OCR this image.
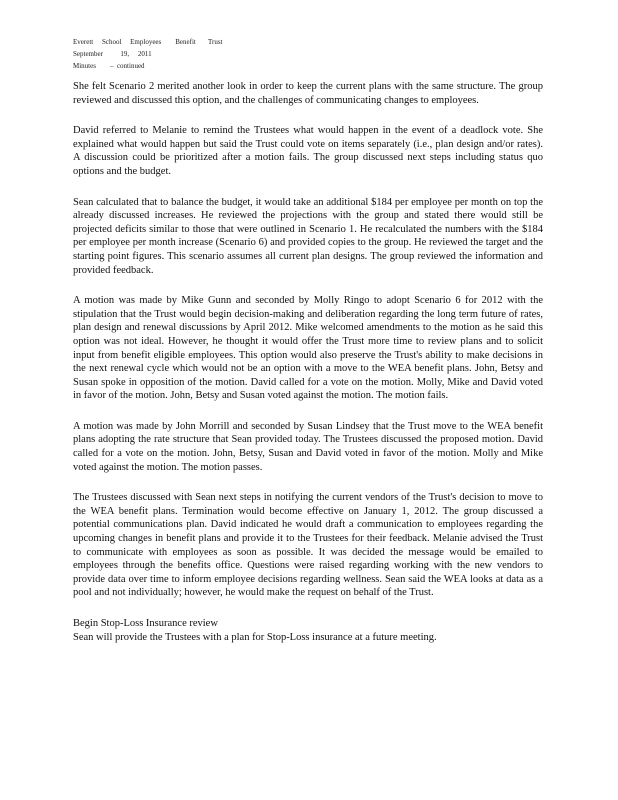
Everett     School     Employees        Benefit       Trust
September          19,     2011
Minutes        –  continued

She felt Scenario 2 merited another look in order to keep the current plans with the same structure. The group reviewed and discussed this option, and the challenges of communicating changes to employees.

David referred to Melanie to remind the Trustees what would happen in the event of a deadlock vote. She explained what would happen but said the Trust could vote on items separately (i.e., plan design and/or rates). A discussion could be prioritized after a motion fails. The group discussed next steps including status quo options and the budget.

Sean calculated that to balance the budget, it would take an additional $184 per employee per month on top the already discussed increases. He reviewed the projections with the group and stated there would still be projected deficits similar to those that were outlined in Scenario 1. He recalculated the numbers with the $184 per employee per month increase (Scenario 6) and provided copies to the group. He reviewed the target and the starting point figures. This scenario assumes all current plan designs. The group reviewed the information and provided feedback.

A motion was made by Mike Gunn and seconded by Molly Ringo to adopt Scenario 6 for 2012 with the stipulation that the Trust would begin decision-making and deliberation regarding the long term future of rates, plan design and renewal discussions by April 2012. Mike welcomed amendments to the motion as he said this option was not ideal. However, he thought it would offer the Trust more time to review plans and to solicit input from benefit eligible employees. This option would also preserve the Trust's ability to make decisions in the next renewal cycle which would not be an option with a move to the WEA benefit plans. John, Betsy and Susan spoke in opposition of the motion. David called for a vote on the motion. Molly, Mike and David voted in favor of the motion. John, Betsy and Susan voted against the motion. The motion fails.

A motion was made by John Morrill and seconded by Susan Lindsey that the Trust move to the WEA benefit plans adopting the rate structure that Sean provided today. The Trustees discussed the proposed motion. David called for a vote on the motion. John, Betsy, Susan and David voted in favor of the motion. Molly and Mike voted against the motion. The motion passes.

The Trustees discussed with Sean next steps in notifying the current vendors of the Trust's decision to move to the WEA benefit plans. Termination would become effective on January 1, 2012. The group discussed a potential communications plan. David indicated he would draft a communication to employees regarding the upcoming changes in benefit plans and provide it to the Trustees for their feedback. Melanie advised the Trust to communicate with employees as soon as possible. It was decided the message would be emailed to employees through the benefits office. Questions were raised regarding working with the new vendors to provide data over time to inform employee decisions regarding wellness. Sean said the WEA looks at data as a pool and not individually; however, he would make the request on behalf of the Trust.

Begin Stop-Loss Insurance review

Sean will provide the Trustees with a plan for Stop-Loss insurance at a future meeting.
